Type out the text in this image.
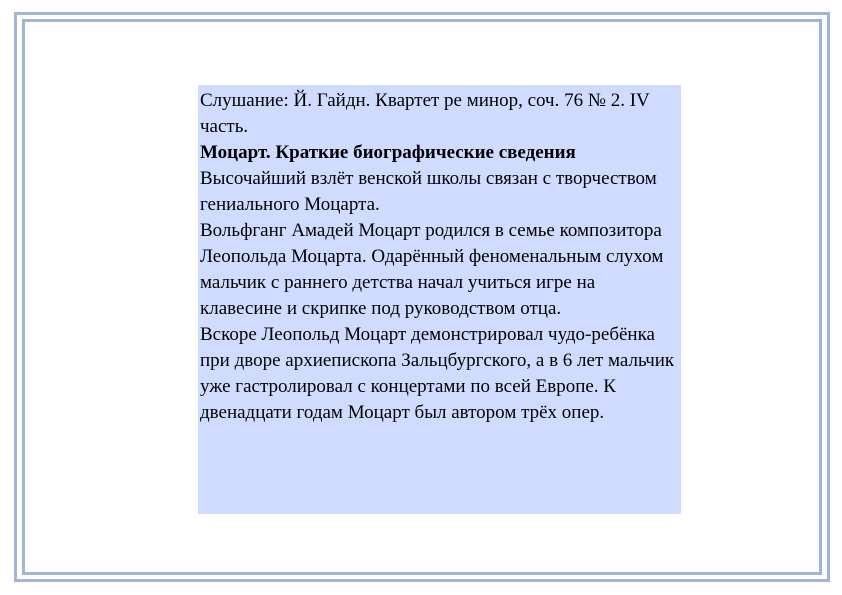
Слушание: Й. Гайдн. Квартет ре минор, соч. 76 № 2. IV часть.

Моцарт. Краткие биографические сведения

Высочайший взлёт венской школы связан с творчеством гениального Моцарта.

Вольфганг Амадей Моцарт родился в семье композитора Леопольда Моцарта. Одарённый феноменальным слухом мальчик с раннего детства начал учиться игре на клавесине и скрипке под руководством отца.

Вскоре Леопольд Моцарт демонстрировал чудо-ребёнка при дворе архиепископа Зальцбургского, а в 6 лет мальчик уже гастролировал с концертами по всей Европе. К двенадцати годам Моцарт был автором трёх опер.
